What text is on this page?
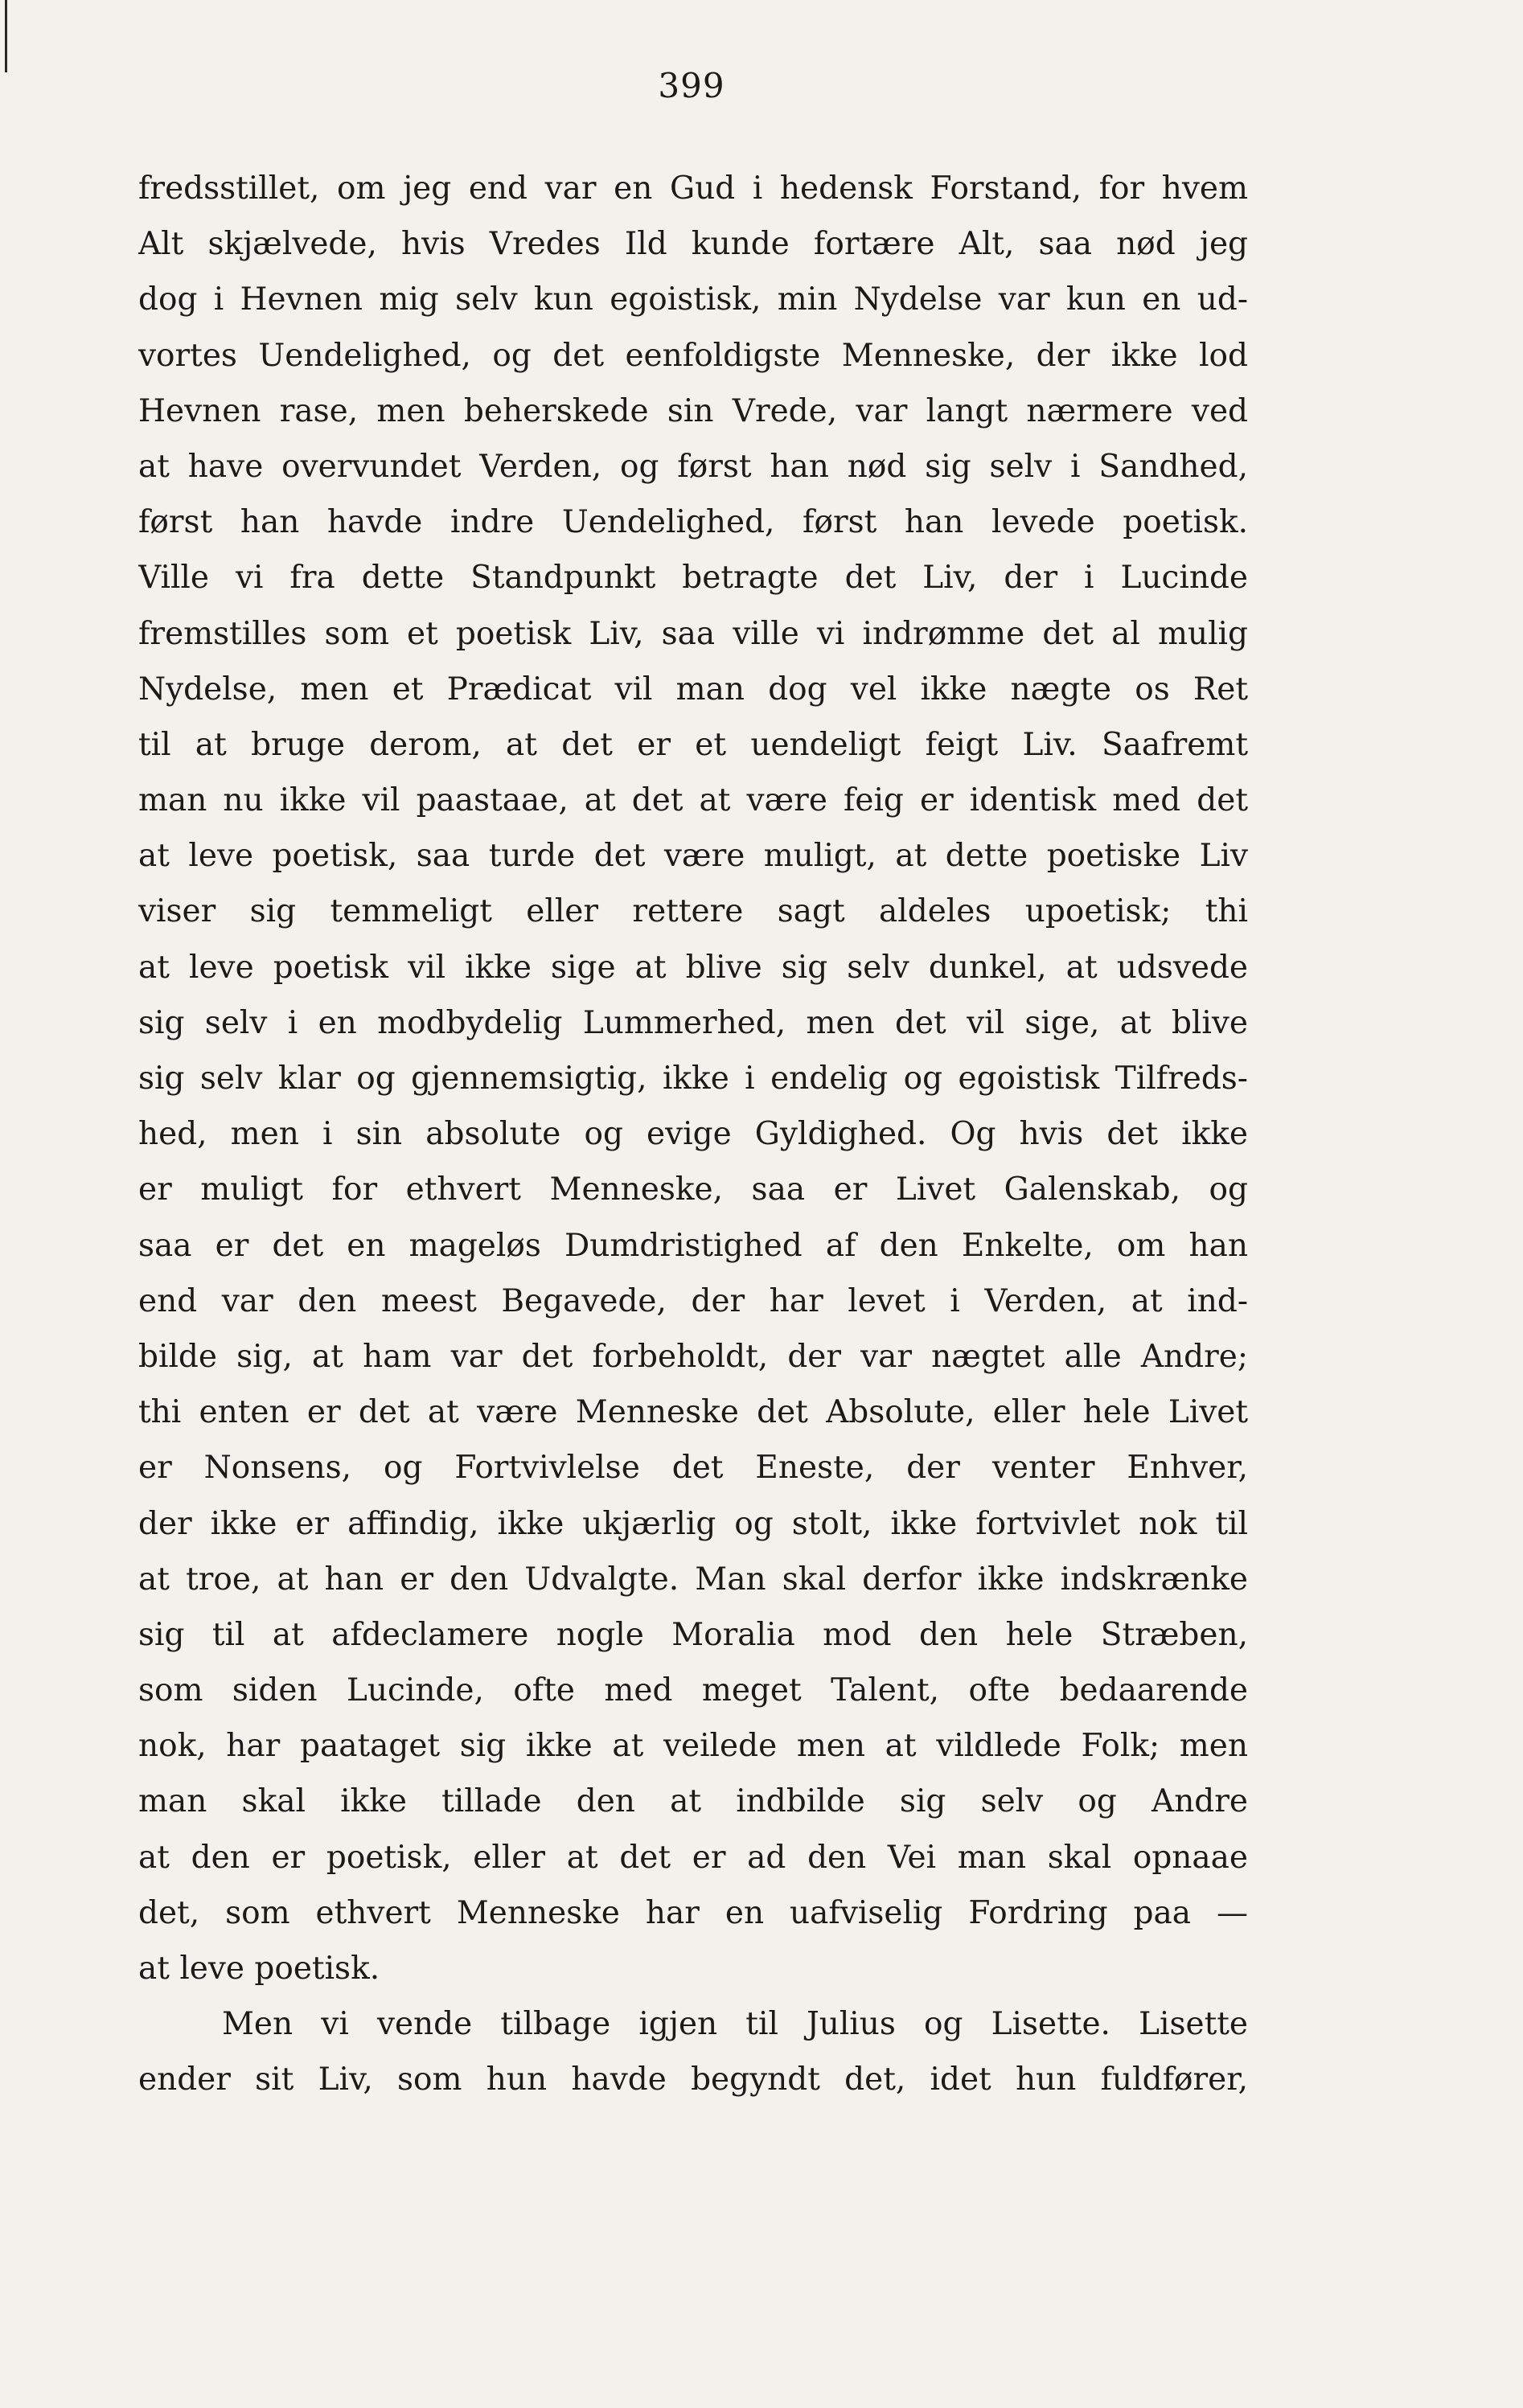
399
fredsstillet, om jeg end var en Gud i hedensk Forstand, for hvem
Alt skjælvede, hvis Vredes Ild kunde fortære Alt, saa nød jeg
dog i Hevnen mig selv kun egoistisk, min Nydelse var kun en ud-
vortes Uendelighed, og det eenfoldigste Menneske, der ikke lod
Hevnen rase, men beherskede sin Vrede, var langt nærmere ved
at have overvundet Verden, og først han nød sig selv i Sandhed,
først han havde indre Uendelighed, først han levede poetisk.
Ville vi fra dette Standpunkt betragte det Liv, der i Lucinde
fremstilles som et poetisk Liv, saa ville vi indrømme det al mulig
Nydelse, men et Prædicat vil man dog vel ikke nægte os Ret
til at bruge derom, at det er et uendeligt feigt Liv. Saafremt
man nu ikke vil paastaae, at det at være feig er identisk med det
at leve poetisk, saa turde det være muligt, at dette poetiske Liv
viser sig temmeligt eller rettere sagt aldeles upoetisk; thi
at leve poetisk vil ikke sige at blive sig selv dunkel, at udsvede
sig selv i en modbydelig Lummerhed, men det vil sige, at blive
sig selv klar og gjennemsigtig, ikke i endelig og egoistisk Tilfreds-
hed, men i sin absolute og evige Gyldighed. Og hvis det ikke
er muligt for ethvert Menneske, saa er Livet Galenskab, og
saa er det en mageløs Dumdristighed af den Enkelte, om han
end var den meest Begavede, der har levet i Verden, at ind-
bilde sig, at ham var det forbeholdt, der var nægtet alle Andre;
thi enten er det at være Menneske det Absolute, eller hele Livet
er Nonsens, og Fortvivlelse det Eneste, der venter Enhver,
der ikke er affindig, ikke ukjærlig og stolt, ikke fortvivlet nok til
at troe, at han er den Udvalgte. Man skal derfor ikke indskrænke
sig til at afdeclamere nogle Moralia mod den hele Stræben,
som siden Lucinde, ofte med meget Talent, ofte bedaarende
nok, har paataget sig ikke at veilede men at vildlede Folk; men
man skal ikke tillade den at indbilde sig selv og Andre
at den er poetisk, eller at det er ad den Vei man skal opnaae
det, som ethvert Menneske har en uafviselig Fordring paa —
at leve poetisk.
Men vi vende tilbage igjen til Julius og Lisette. Lisette
ender sit Liv, som hun havde begyndt det, idet hun fuldfører,
